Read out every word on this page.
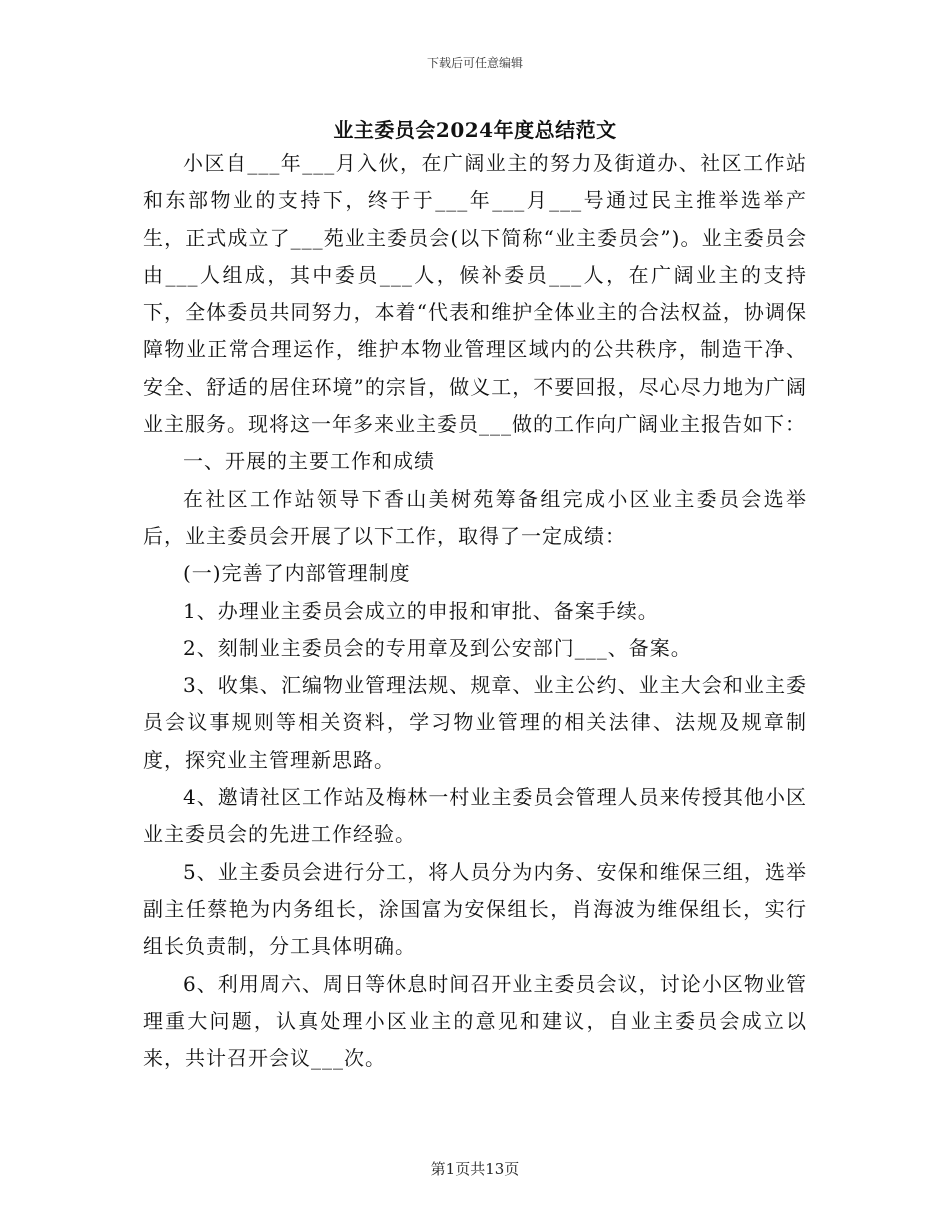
下载后可任意编辑
业主委员会2024年度总结范文

小区自___年___月入伙，在广阔业主的努力及街道办、社区工作站和东部物业的支持下，终于于___年___月___号通过民主推举选举产生，正式成立了___苑业主委员会(以下简称“业主委员会”)。业主委员会由___人组成，其中委员___人，候补委员___人，在广阔业主的支持下，全体委员共同努力，本着“代表和维护全体业主的合法权益，协调保障物业正常合理运作，维护本物业管理区域内的公共秩序，制造干净、安全、舒适的居住环境”的宗旨，做义工，不要回报，尽心尽力地为广阔业主服务。现将这一年多来业主委员___做的工作向广阔业主报告如下：

一、开展的主要工作和成绩

在社区工作站领导下香山美树苑筹备组完成小区业主委员会选举后，业主委员会开展了以下工作，取得了一定成绩：

(一)完善了内部管理制度

1、办理业主委员会成立的申报和审批、备案手续。

2、刻制业主委员会的专用章及到公安部门___、备案。

3、收集、汇编物业管理法规、规章、业主公约、业主大会和业主委员会议事规则等相关资料，学习物业管理的相关法律、法规及规章制度，探究业主管理新思路。

4、邀请社区工作站及梅林一村业主委员会管理人员来传授其他小区业主委员会的先进工作经验。

5、业主委员会进行分工，将人员分为内务、安保和维保三组，选举副主任蔡艳为内务组长，涂国富为安保组长，肖海波为维保组长，实行组长负责制，分工具体明确。

6、利用周六、周日等休息时间召开业主委员会议，讨论小区物业管理重大问题，认真处理小区业主的意见和建议，自业主委员会成立以来，共计召开会议___次。

第1页共13页
